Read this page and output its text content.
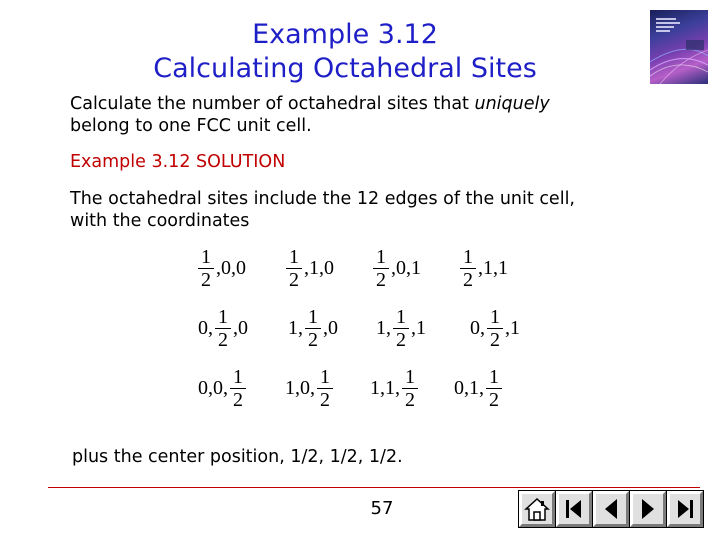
Example 3.12
Calculating Octahedral Sites
Calculate the number of octahedral sites that uniquely
belong to one FCC unit cell.
Example 3.12 SOLUTION
The octahedral sites include the 12 edges of the unit cell,
with the coordinates
$\frac{1}{2} ,0,0 \frac{1}{2} ,1,0 \frac{1}{2} ,0,1 \frac{1}{2} ,1,1$
0, $\frac{1}{2} ,0$ 1, $\frac{1}{2} ,0$ 1, $\frac{1}{2} ,1$ 0, $\frac{1}{2} ,1$
0,0, $\frac{1}{2} 1,0$, $\frac{1}{2} 1,1$, $\frac{1}{2} 0,1$, $\frac{1}{2}$
plus the center position, 1/2, 1/2, 1/2.
57
